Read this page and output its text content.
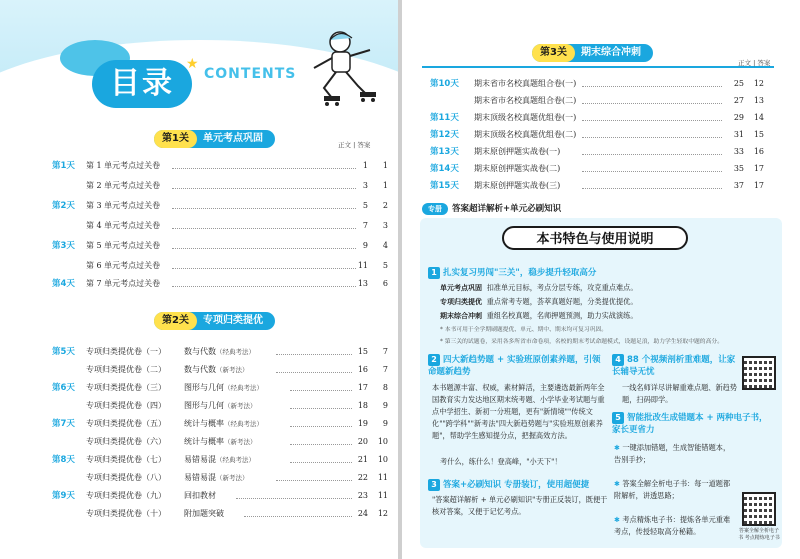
目录
★
CONTENTS
第1关 单元考点巩固
正文 | 答案
第1天 第 1 单元考点过关卷	1	1
第 2 单元考点过关卷	3	1
第2天 第 3 单元考点过关卷	5	2
第 4 单元考点过关卷	7	3
第3天 第 5 单元考点过关卷	9	4
第 6 单元考点过关卷	11	5
第4天 第 7 单元考点过关卷	13	6
第2关 专项归类提优
第5天 专项归类提优卷（一） 数与代数（经典考法）	15	7
专项归类提优卷（二） 数与代数（新考法）	16	7
第6天 专项归类提优卷（三） 图形与几何（经典考法）	17	8
专项归类提优卷（四） 图形与几何（新考法）	18	9
第7天 专项归类提优卷（五） 统计与概率（经典考法）	19	9
专项归类提优卷（六） 统计与概率（新考法）	20	10
第8天 专项归类提优卷（七） 易错易混（经典考法）	21	10
专项归类提优卷（八） 易错易混（新考法）	22	11
第9天 专项归类提优卷（九） 回扣教材	23	11
专项归类提优卷（十） 附加题突破	24	12
第3关 期末综合冲刺
正文 | 答案
第10天 期末省市名校真题组合卷(一)	25	12
期末省市名校真题组合卷(二)	27	13
第11天 期末顶级名校真题优组卷(一)	29	14
第12天 期末顶级名校真题优组卷(二)	31	15
第13天 期末原创押题实战卷(一)	33	16
第14天 期末原创押题实战卷(二)	35	17
第15天 期末原创押题实战卷(三)	37	17
专册 答案超详解析+单元必刷知识
本书特色与使用说明
1 扎实复习男闯"三关"，稳步提升轻取高分
单元考点巩固 扣准单元目标，考点分层专练，攻克重点难点。
专项归类提优 重点常考专题，荟萃真题好题，分类提优提优。
期末综合冲刺 重组名校真题，名师押题预测，助力实战演练。
* 本书可用于全学期刷题提优、单元、期中、期末均可复习巩固。
* 第三关的试题卷，采用各多所省市命卷项，名校的期末考试命题模式，设题足浪，助力学生轻取中题的高分。
2 四大新趋势题 + 实验班原创素养题，引领命题新趋势
本书题源丰富、权威，素材鲜活，主要遴选最新两年全国教育实力发达地区期末统考题、小学毕业考试题与重点中学招生、新初一分班题，更有"新情境""传统文化""跨学科""新考法"四大新趋势题与"实验班原创素养题"，帮助学生感知提分点，把握高效方法。
考什么，练什么！登高峰，"小天下"！
3 答案+必刷知识 专册装订，使用超便捷
"答案超详解析 + 单元必刷知识"专册正反装订，既便于核对答案，又便于记忆考点。
4 88 个视频剖析重难题，让家长辅导无忧
一线名师详尽讲解重难点题、新趋势题，扫码即学。
5 智能批改生成错题本 + 两种电子书，家长更省力
✱ 一键添加错题，生成智能错题本，告别手抄；
✱ 答案全解全析电子书：每一道题都附解析，讲透思路；
✱ 考点精炼电子书：提炼各单元重难考点，传授轻取高分秘籍。	答案全解全析电子书 考点精炼电子书
